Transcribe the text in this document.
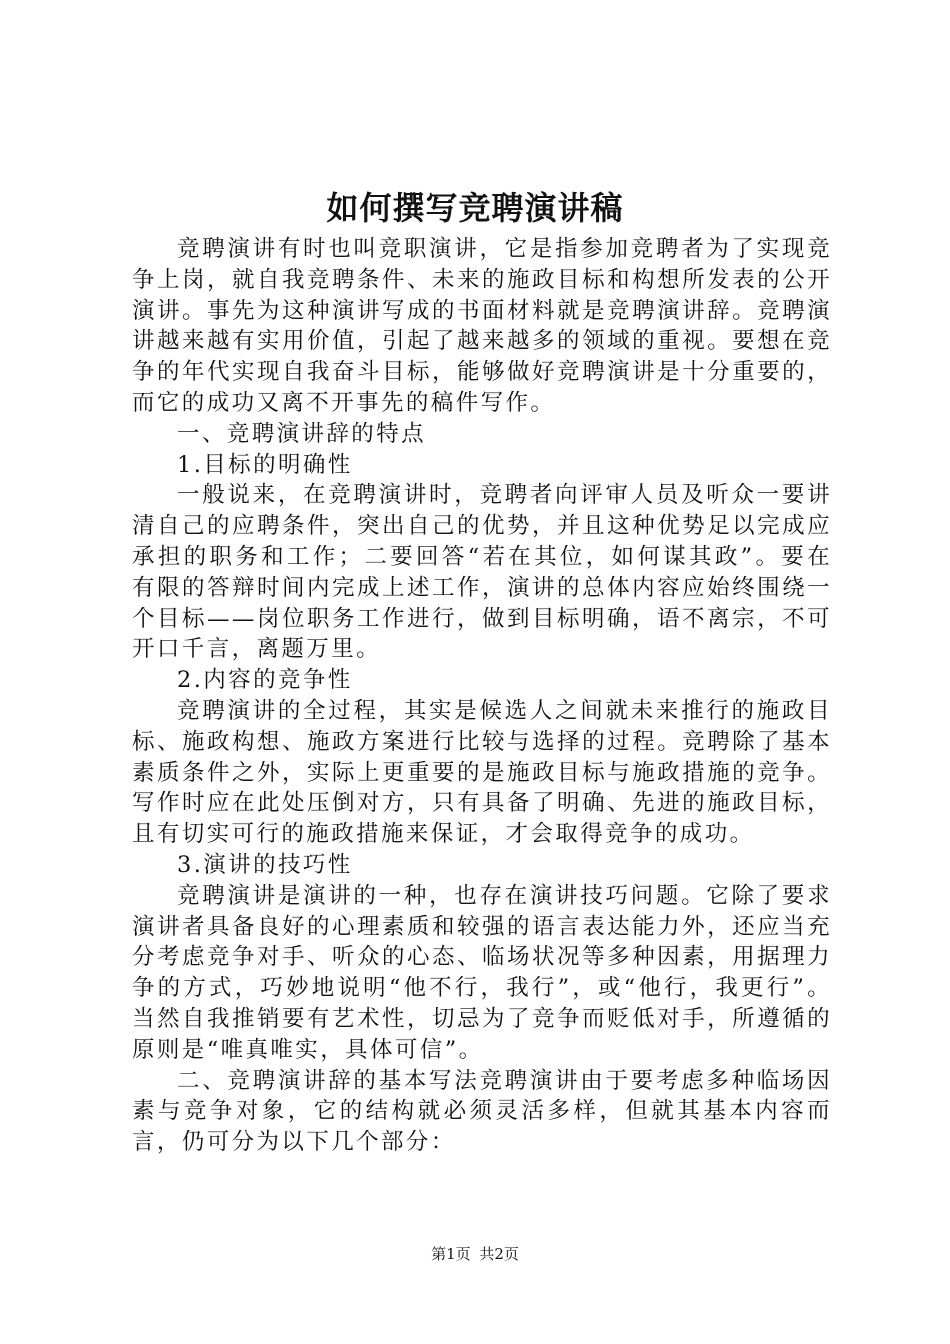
如何撰写竞聘演讲稿

竞聘演讲有时也叫竞职演讲，它是指参加竞聘者为了实现竞争上岗，就自我竞聘条件、未来的施政目标和构想所发表的公开演讲。事先为这种演讲写成的书面材料就是竞聘演讲辞。竞聘演讲越来越有实用价值，引起了越来越多的领域的重视。要想在竞争的年代实现自我奋斗目标，能够做好竞聘演讲是十分重要的，而它的成功又离不开事先的稿件写作。

一、竞聘演讲辞的特点

1.目标的明确性

一般说来，在竞聘演讲时，竞聘者向评审人员及听众一要讲清自己的应聘条件，突出自己的优势，并且这种优势足以完成应承担的职务和工作；二要回答“若在其位，如何谋其政”。要在有限的答辩时间内完成上述工作，演讲的总体内容应始终围绕一个目标——岗位职务工作进行，做到目标明确，语不离宗，不可开口千言，离题万里。

2.内容的竞争性

竞聘演讲的全过程，其实是候选人之间就未来推行的施政目标、施政构想、施政方案进行比较与选择的过程。竞聘除了基本素质条件之外，实际上更重要的是施政目标与施政措施的竞争。写作时应在此处压倒对方，只有具备了明确、先进的施政目标，且有切实可行的施政措施来保证，才会取得竞争的成功。

3.演讲的技巧性

竞聘演讲是演讲的一种，也存在演讲技巧问题。它除了要求演讲者具备良好的心理素质和较强的语言表达能力外，还应当充分考虑竞争对手、听众的心态、临场状况等多种因素，用据理力争的方式，巧妙地说明“他不行，我行”，或“他行，我更行”。当然自我推销要有艺术性，切忌为了竞争而贬低对手，所遵循的原则是“唯真唯实，具体可信”。

二、竞聘演讲辞的基本写法竞聘演讲由于要考虑多种临场因素与竞争对象，它的结构就必须灵活多样，但就其基本内容而言，仍可分为以下几个部分：

第1页 共2页
